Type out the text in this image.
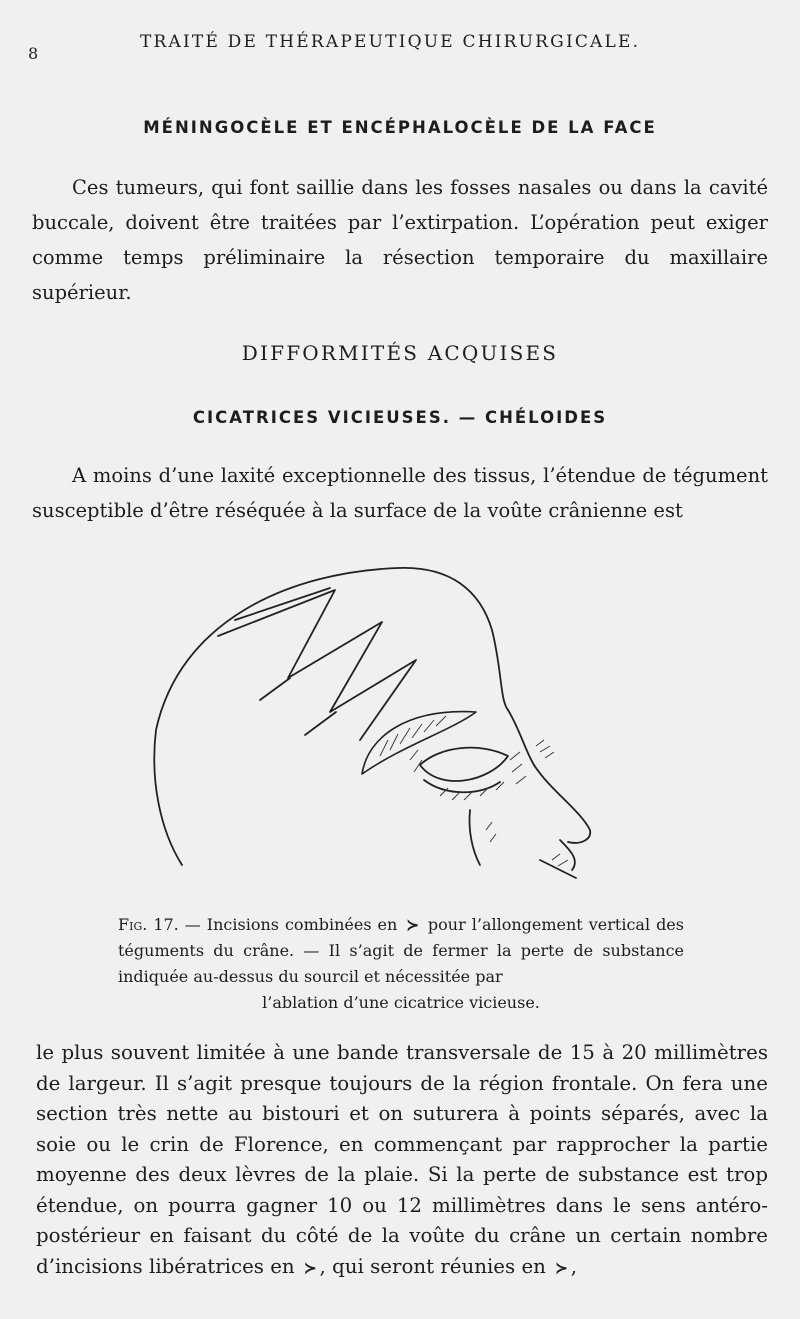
8
TRAITÉ DE THÉRAPEUTIQUE CHIRURGICALE.
MÉNINGOCÈLE ET ENCÉPHALOCÈLE DE LA FACE

Ces tumeurs, qui font saillie dans les fosses nasales ou dans la cavité buccale, doivent être traitées par l’extirpation. L’opération peut exiger comme temps préliminaire la résection temporaire du maxillaire supérieur.

DIFFORMITÉS ACQUISES
CICATRICES VICIEUSES. — CHÉLOIDES

A moins d’une laxité exceptionnelle des tissus, l’étendue de tégument susceptible d’être réséquée à la surface de la voûte crânienne est

Fig. 17. — Incisions combinées en ≻ pour l’allongement vertical des téguments du crâne. — Il s’agit de fermer la perte de substance indiquée au-dessus du sourcil et nécessitée par
l’ablation d’une cicatrice vicieuse.

le plus souvent limitée à une bande transversale de 15 à 20 millimètres de largeur. Il s’agit presque toujours de la région frontale. On fera une section très nette au bistouri et on suturera à points séparés, avec la soie ou le crin de Florence, en commençant par rapprocher la partie moyenne des deux lèvres de la plaie. Si la perte de substance est trop étendue, on pourra gagner 10 ou 12 millimètres dans le sens antéro-postérieur en faisant du côté de la voûte du crâne un certain nombre d’incisions libératrices en ≻ , qui seront réunies en ≻ ,
